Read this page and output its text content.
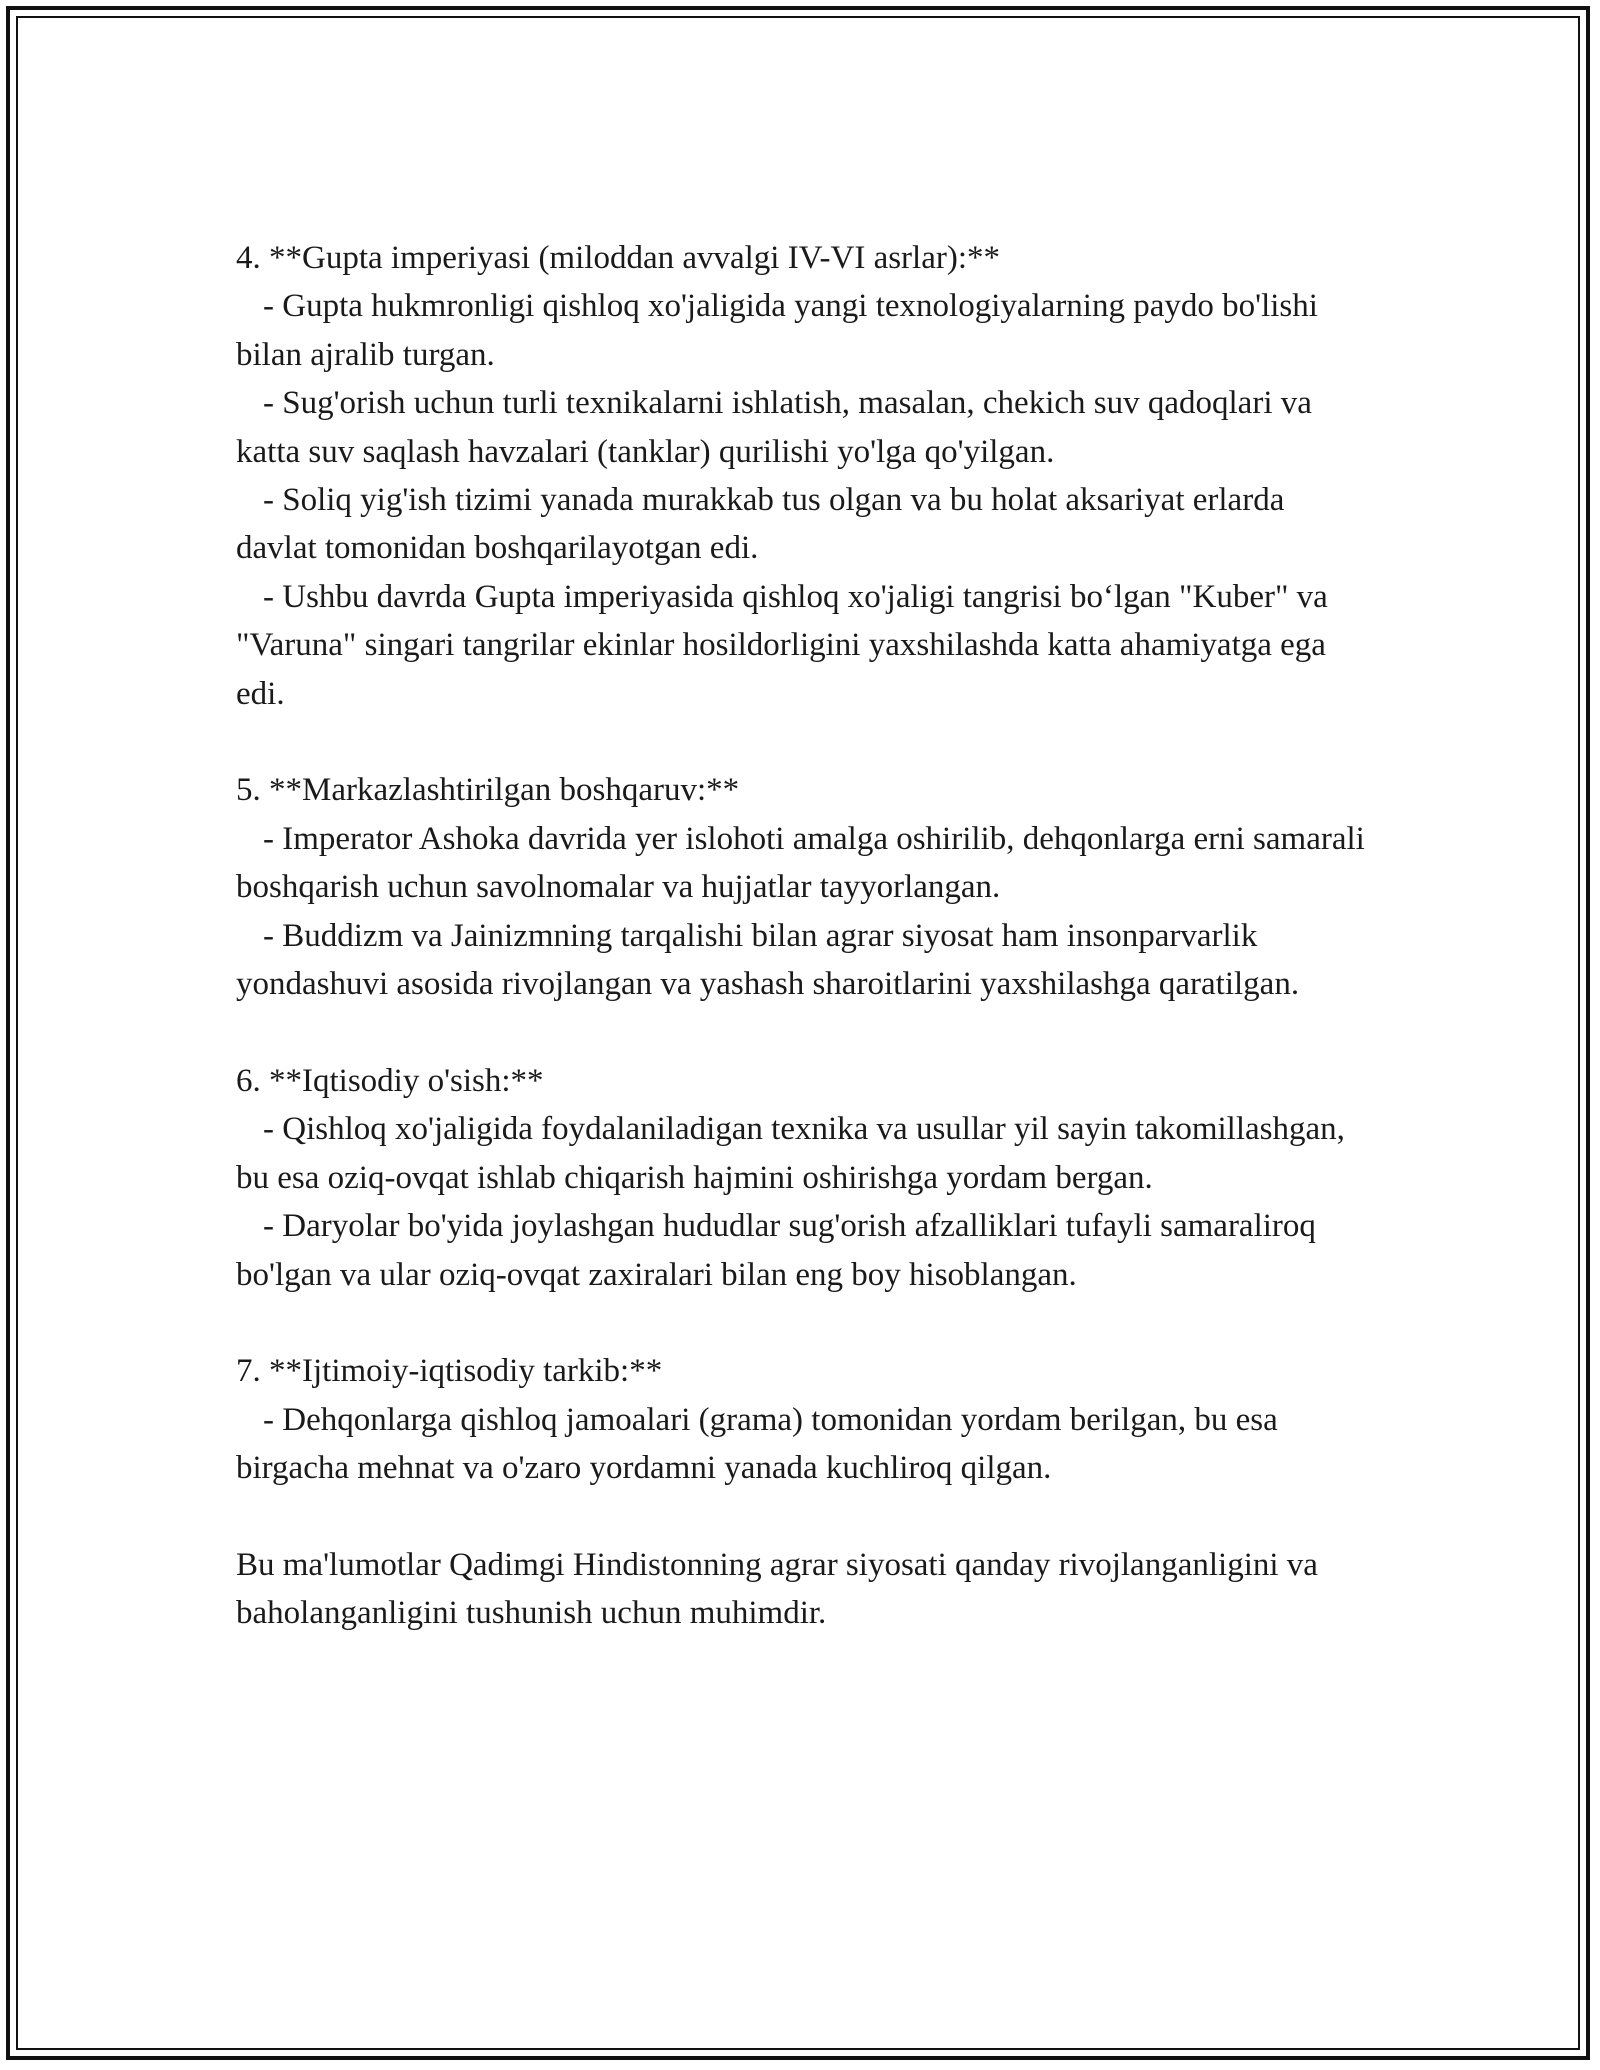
4. **Gupta imperiyasi (miloddan avvalgi IV-VI asrlar):**

- Gupta hukmronligi qishloq xo'jaligida yangi texnologiyalarning paydo bo'lishi bilan ajralib turgan.

- Sug'orish uchun turli texnikalarni ishlatish, masalan, chekich suv qadoqlari va katta suv saqlash havzalari (tanklar) qurilishi yo'lga qo'yilgan.

- Soliq yig'ish tizimi yanada murakkab tus olgan va bu holat aksariyat erlarda davlat tomonidan boshqarilayotgan edi.

- Ushbu davrda Gupta imperiyasida qishloq xo'jaligi tangrisi bo‘lgan "Kuber" va "Varuna" singari tangrilar ekinlar hosildorligini yaxshilashda katta ahamiyatga ega edi.

5. **Markazlashtirilgan boshqaruv:**

- Imperator Ashoka davrida yer islohoti amalga oshirilib, dehqonlarga erni samarali boshqarish uchun savolnomalar va hujjatlar tayyorlangan.

- Buddizm va Jainizmning tarqalishi bilan agrar siyosat ham insonparvarlik yondashuvi asosida rivojlangan va yashash sharoitlarini yaxshilashga qaratilgan.

6. **Iqtisodiy o'sish:**

- Qishloq xo'jaligida foydalaniladigan texnika va usullar yil sayin takomillashgan, bu esa oziq-ovqat ishlab chiqarish hajmini oshirishga yordam bergan.

- Daryolar bo'yida joylashgan hududlar sug'orish afzalliklari tufayli samaraliroq bo'lgan va ular oziq-ovqat zaxiralari bilan eng boy hisoblangan.

7. **Ijtimoiy-iqtisodiy tarkib:**

- Dehqonlarga qishloq jamoalari (grama) tomonidan yordam berilgan, bu esa birgacha mehnat va o'zaro yordamni yanada kuchliroq qilgan.

Bu ma'lumotlar Qadimgi Hindistonning agrar siyosati qanday rivojlanganligini va baholanganligini tushunish uchun muhimdir.
